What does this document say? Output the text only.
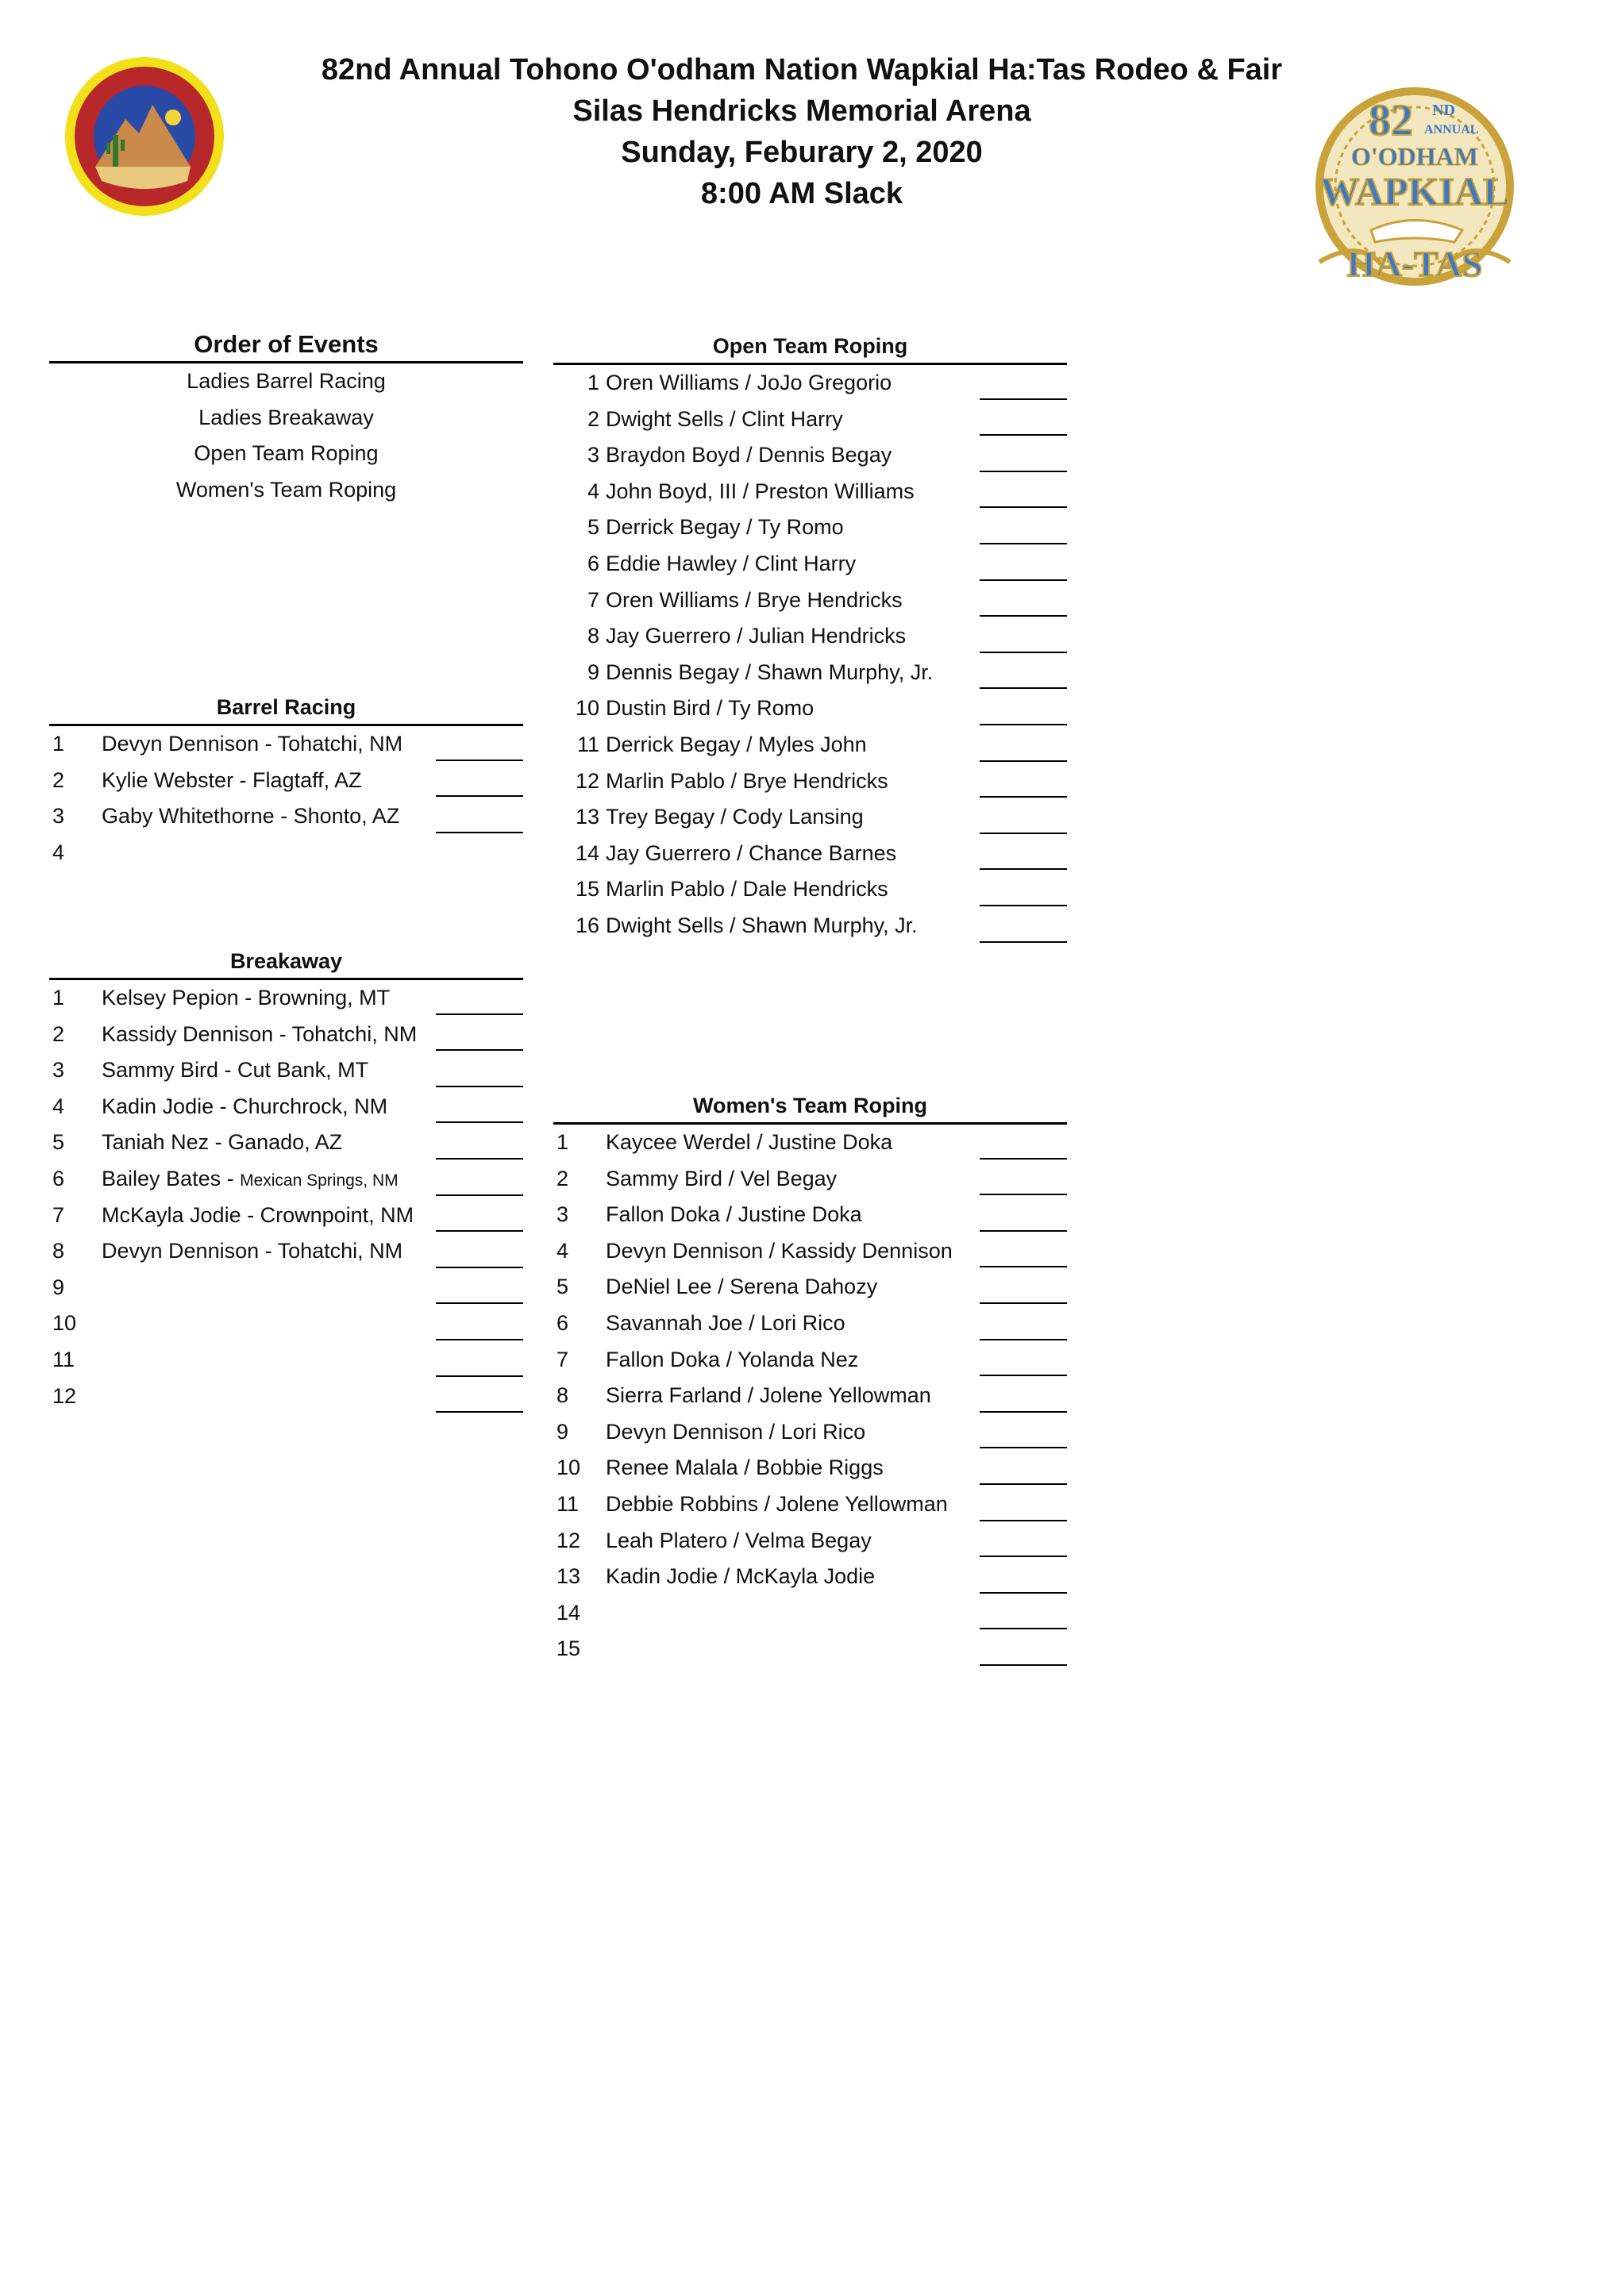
82nd Annual Tohono O'odham Nation Wapkial Ha:Tas Rodeo & Fair
Silas Hendricks Memorial Arena
Sunday, Feburary 2, 2020
8:00 AM Slack
82 ND
ANNUAL
O'ODHAM
WAPKIAL
HA-TAS
Order of Events
Ladies Barrel Racing
Ladies Breakaway
Open Team Roping
Women's Team Roping
Barrel Racing
1 Devyn Dennison - Tohatchi, NM
2 Kylie Webster - Flagtaff, AZ
3 Gaby Whitethorne - Shonto, AZ
4
Breakaway
1 Kelsey Pepion - Browning, MT
2 Kassidy Dennison - Tohatchi, NM
3 Sammy Bird - Cut Bank, MT
4 Kadin Jodie - Churchrock, NM
5 Taniah Nez - Ganado, AZ
6 Bailey Bates - Mexican Springs, NM
7 McKayla Jodie - Crownpoint, NM
8 Devyn Dennison - Tohatchi, NM
9
10
11
12
Open Team Roping
1 Oren Williams / JoJo Gregorio
2 Dwight Sells / Clint Harry
3 Braydon Boyd / Dennis Begay
4 John Boyd, III / Preston Williams
5 Derrick Begay / Ty Romo
6 Eddie Hawley / Clint Harry
7 Oren Williams / Brye Hendricks
8 Jay Guerrero / Julian Hendricks
9 Dennis Begay / Shawn Murphy, Jr.
10 Dustin Bird / Ty Romo
11 Derrick Begay / Myles John
12 Marlin Pablo / Brye Hendricks
13 Trey Begay / Cody Lansing
14 Jay Guerrero / Chance Barnes
15 Marlin Pablo / Dale Hendricks
16 Dwight Sells / Shawn Murphy, Jr.
Women's Team Roping
1 Kaycee Werdel / Justine Doka
2 Sammy Bird / Vel Begay
3 Fallon Doka / Justine Doka
4 Devyn Dennison / Kassidy Dennison
5 DeNiel Lee / Serena Dahozy
6 Savannah Joe / Lori Rico
7 Fallon Doka / Yolanda Nez
8 Sierra Farland / Jolene Yellowman
9 Devyn Dennison / Lori Rico
10 Renee Malala / Bobbie Riggs
11 Debbie Robbins / Jolene Yellowman
12 Leah Platero / Velma Begay
13 Kadin Jodie / McKayla Jodie
14
15
